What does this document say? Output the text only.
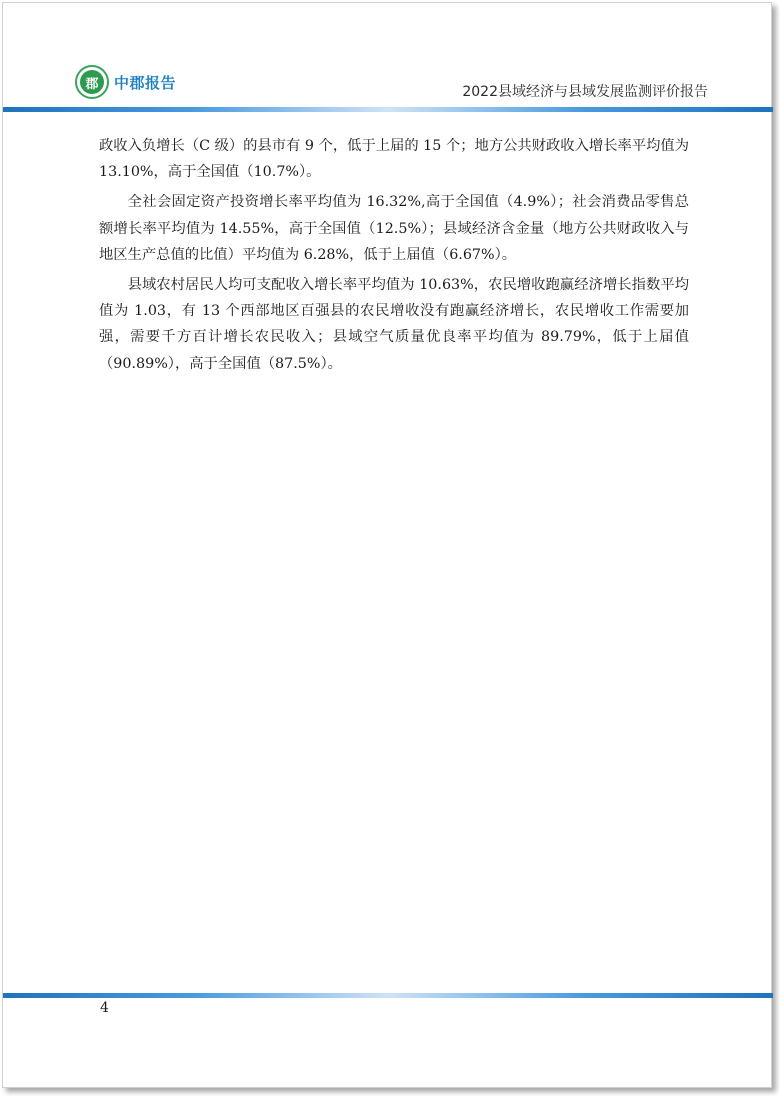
郡	中郡报告
2022县域经济与县域发展监测评价报告

政收入负增长（C 级）的县市有 9 个，低于上届的 15 个；地方公共财政收入增长率平均值为 13.10%，高于全国值（10.7%）。

全社会固定资产投资增长率平均值为 16.32%,高于全国值（4.9%）；社会消费品零售总额增长率平均值为 14.55%，高于全国值（12.5%）；县域经济含金量（地方公共财政收入与地区生产总值的比值）平均值为 6.28%，低于上届值（6.67%）。

县域农村居民人均可支配收入增长率平均值为 10.63%，农民增收跑赢经济增长指数平均值为 1.03，有 13 个西部地区百强县的农民增收没有跑赢经济增长，农民增收工作需要加强，需要千方百计增长农民收入；县域空气质量优良率平均值为 89.79%，低于上届值（90.89%），高于全国值（87.5%）。

4
